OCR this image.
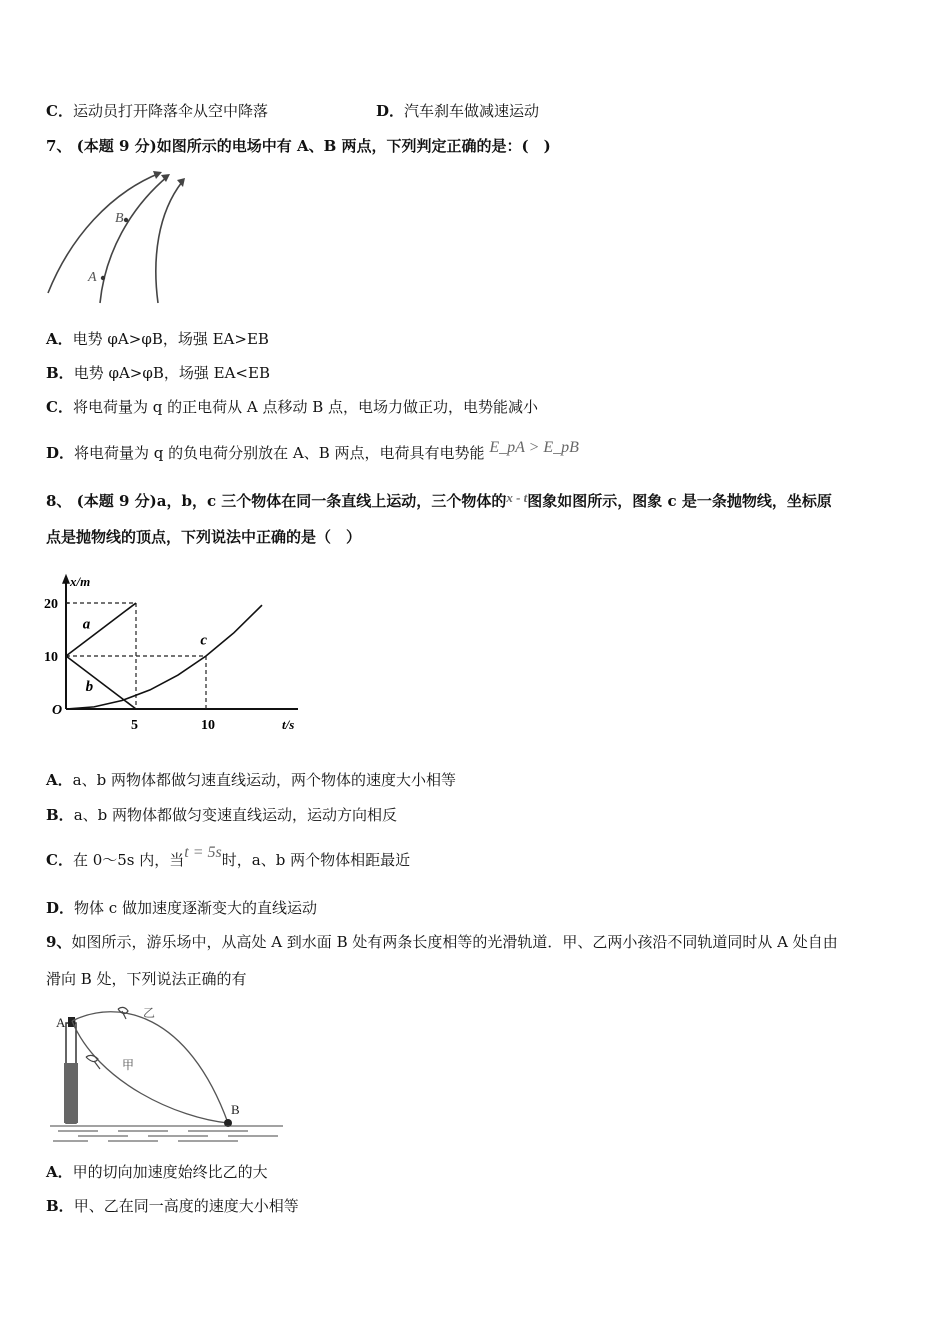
C．运动员打开降落伞从空中降落	D．汽车刹车做减速运动
7、 (本题 9 分)如图所示的电场中有 A、B 两点，下列判定正确的是：(　)
B
A
A．电势 φA>φB，场强 EA>EB
B．电势 φA>φB，场强 EA<EB
C．将电荷量为 q 的正电荷从 A 点移动 B 点，电场力做正功，电势能减小
D．将电荷量为 q 的负电荷分别放在 A、B 两点，电荷具有电势能 E_pA > E_pB
8、 (本题 9 分)a，b，c 三个物体在同一条直线上运动，三个物体的x - t图象如图所示，图象 c 是一条抛物线，坐标原
点是抛物线的顶点，下列说法中正确的是（　）
x/m
t/s
O
10
20
5	10
a
b
c
A．a、b 两物体都做匀速直线运动，两个物体的速度大小相等
B．a、b 两物体都做匀变速直线运动，运动方向相反
C．在 0～5s 内，当t = 5s时，a、b 两个物体相距最近
D．物体 c 做加速度逐渐变大的直线运动
9、如图所示，游乐场中，从高处 A 到水面 B 处有两条长度相等的光滑轨道．甲、乙两小孩沿不同轨道同时从 A 处自由
滑向 B 处，下列说法正确的有
A
B
乙
甲
A．甲的切向加速度始终比乙的大
B．甲、乙在同一高度的速度大小相等
